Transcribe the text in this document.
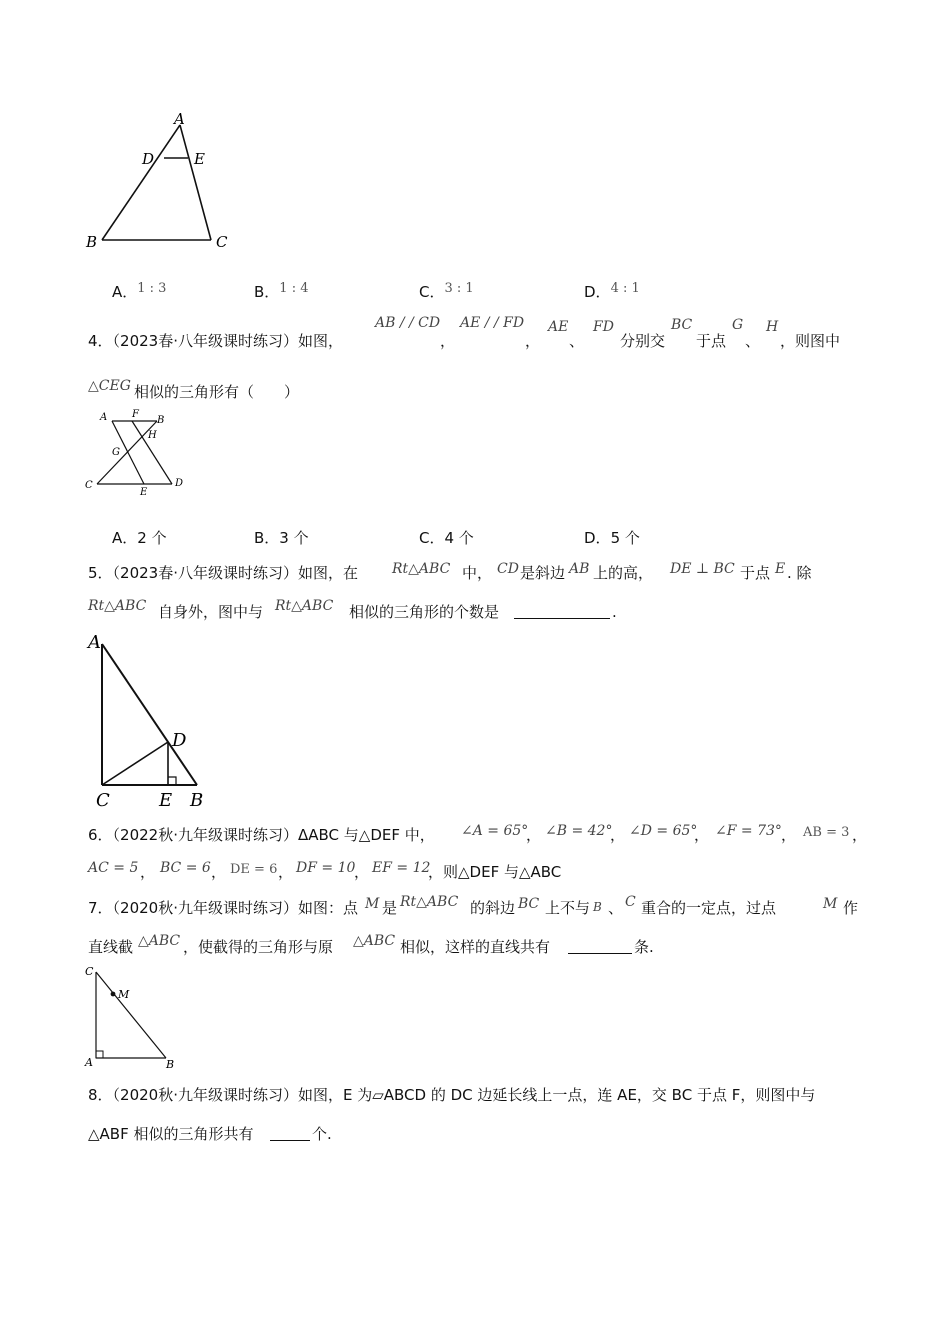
A
D	E
B	C
A．1 : 3	B．1 : 4	C．3 : 1	D．4 : 1
4．（2023春·八年级课时练习）如图，
AB / / CD
，
AE / / FD
，
AE
、
FD
分别交
BC
于点
G
、
H
，则图中
△CEG 相似的三角形有（　　）
A F
B
H
G
C
E
D
A．2 个	B．3 个	C．4 个	D．5 个
5．（2023春·八年级课时练习）如图，在 Rt△ABC 中， CD 是斜边 AB 上的高， DE ⊥ BC 于点 E . 除
Rt△ABC 自身外，图中与 Rt△ABC 相似的三角形的个数是	.
A
D
C	E B
6．（2022秋·九年级课时练习）ΔABC 与△DEF 中， ∠A = 65°
， ∠B = 42°
， ∠D = 65°
， ∠F = 73° ， AB = 3 ，
AC = 5 ， BC = 6 ， DE = 6 ， DF = 10
， EF = 12
，则△DEF 与△ABC
7．（2020秋·九年级课时练习）如图：点 M 是 Rt△ABC 的斜边 BC 上不与 B 、 C 重合的一定点，过点	M 作
直线截 △ABC ，使截得的三角形与原 △ABC 相似，这样的直线共有	条.
C
M
A	B
8．（2020秋·九年级课时练习）如图，E 为▱ABCD 的 DC 边延长线上一点，连 AE，交 BC 于点 F，则图中与
△ABF 相似的三角形共有	个.
